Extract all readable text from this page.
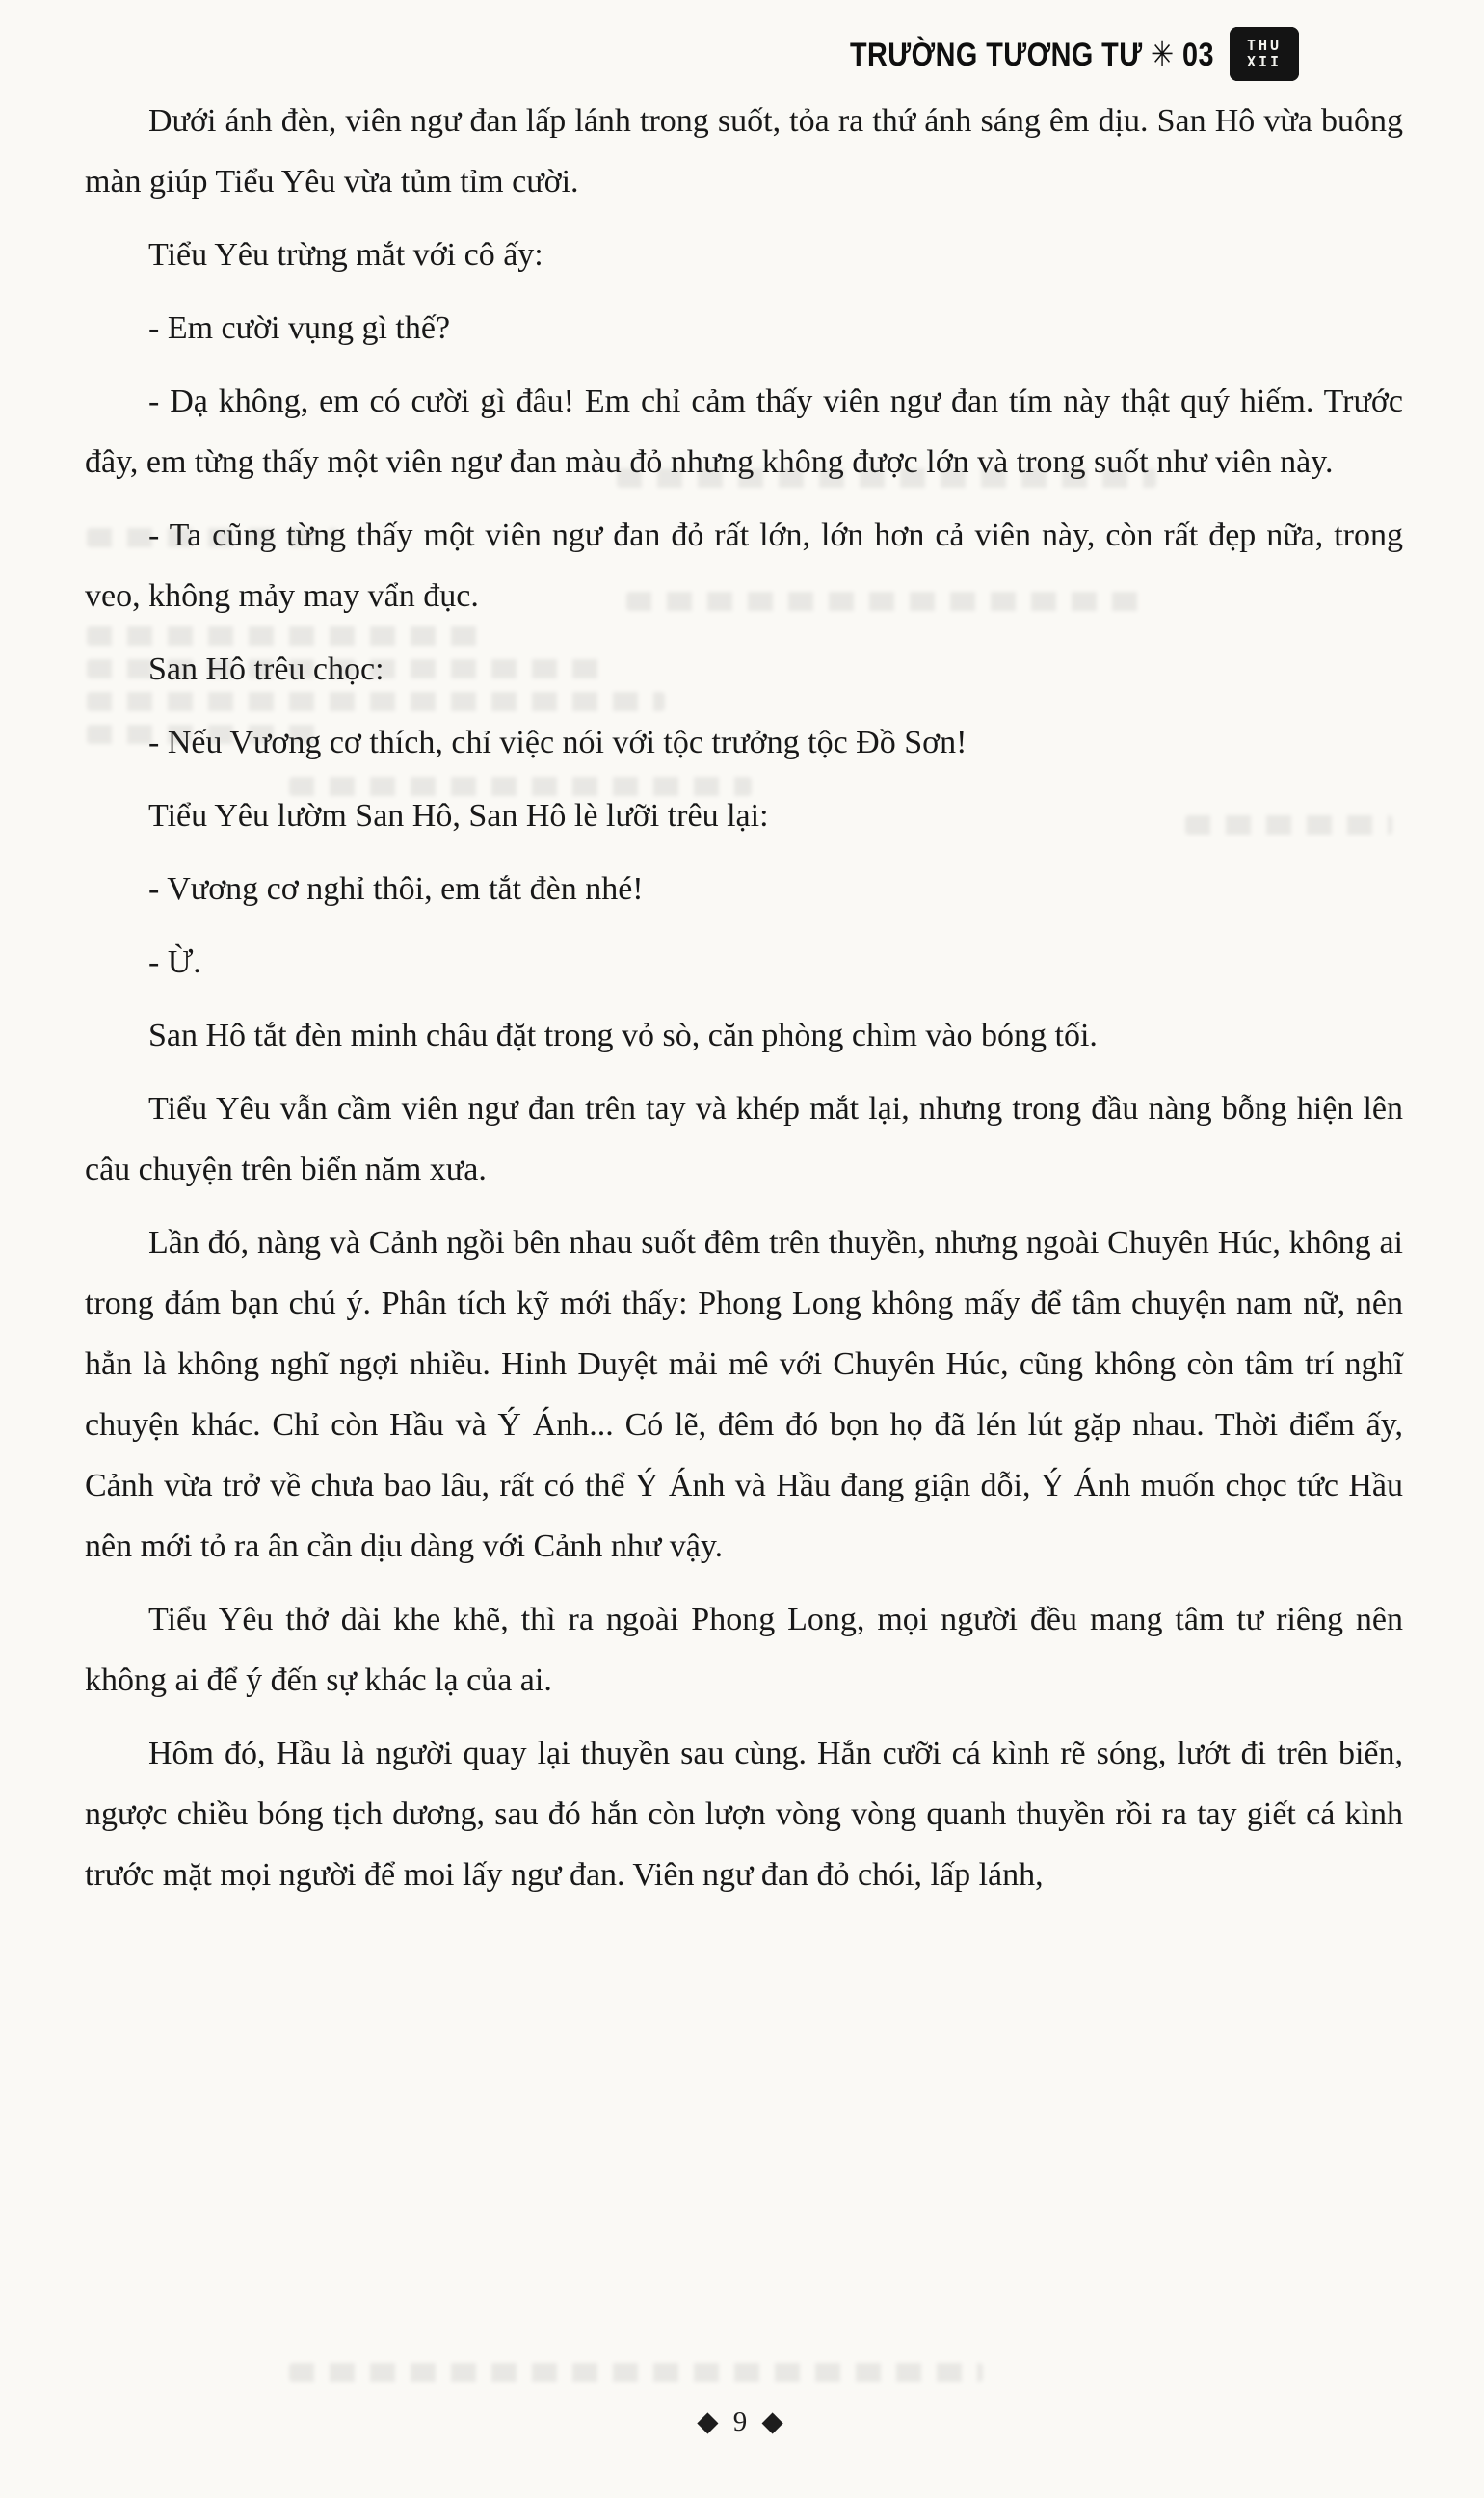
TRƯỜNG TƯƠNG TƯ ✳ 03 THU
XII

Dưới ánh đèn, viên ngư đan lấp lánh trong suốt, tỏa ra thứ ánh sáng êm dịu. San Hô vừa buông màn giúp Tiểu Yêu vừa tủm tỉm cười.

Tiểu Yêu trừng mắt với cô ấy:

- Em cười vụng gì thế?

- Dạ không, em có cười gì đâu! Em chỉ cảm thấy viên ngư đan tím này thật quý hiếm. Trước đây, em từng thấy một viên ngư đan màu đỏ nhưng không được lớn và trong suốt như viên này.

- Ta cũng từng thấy một viên ngư đan đỏ rất lớn, lớn hơn cả viên này, còn rất đẹp nữa, trong veo, không mảy may vẩn đục.

San Hô trêu chọc:

- Nếu Vương cơ thích, chỉ việc nói với tộc trưởng tộc Đồ Sơn!

Tiểu Yêu lườm San Hô, San Hô lè lưỡi trêu lại:

- Vương cơ nghỉ thôi, em tắt đèn nhé!

- Ừ.

San Hô tắt đèn minh châu đặt trong vỏ sò, căn phòng chìm vào bóng tối.

Tiểu Yêu vẫn cầm viên ngư đan trên tay và khép mắt lại, nhưng trong đầu nàng bỗng hiện lên câu chuyện trên biển năm xưa.

Lần đó, nàng và Cảnh ngồi bên nhau suốt đêm trên thuyền, nhưng ngoài Chuyên Húc, không ai trong đám bạn chú ý. Phân tích kỹ mới thấy: Phong Long không mấy để tâm chuyện nam nữ, nên hẳn là không nghĩ ngợi nhiều. Hinh Duyệt mải mê với Chuyên Húc, cũng không còn tâm trí nghĩ chuyện khác. Chỉ còn Hầu và Ý Ánh... Có lẽ, đêm đó bọn họ đã lén lút gặp nhau. Thời điểm ấy, Cảnh vừa trở về chưa bao lâu, rất có thể Ý Ánh và Hầu đang giận dỗi, Ý Ánh muốn chọc tức Hầu nên mới tỏ ra ân cần dịu dàng với Cảnh như vậy.

Tiểu Yêu thở dài khe khẽ, thì ra ngoài Phong Long, mọi người đều mang tâm tư riêng nên không ai để ý đến sự khác lạ của ai.

Hôm đó, Hầu là người quay lại thuyền sau cùng. Hắn cưỡi cá kình rẽ sóng, lướt đi trên biển, ngược chiều bóng tịch dương, sau đó hắn còn lượn vòng vòng quanh thuyền rồi ra tay giết cá kình trước mặt mọi người để moi lấy ngư đan. Viên ngư đan đỏ chói, lấp lánh,

◆ 9 ◆
